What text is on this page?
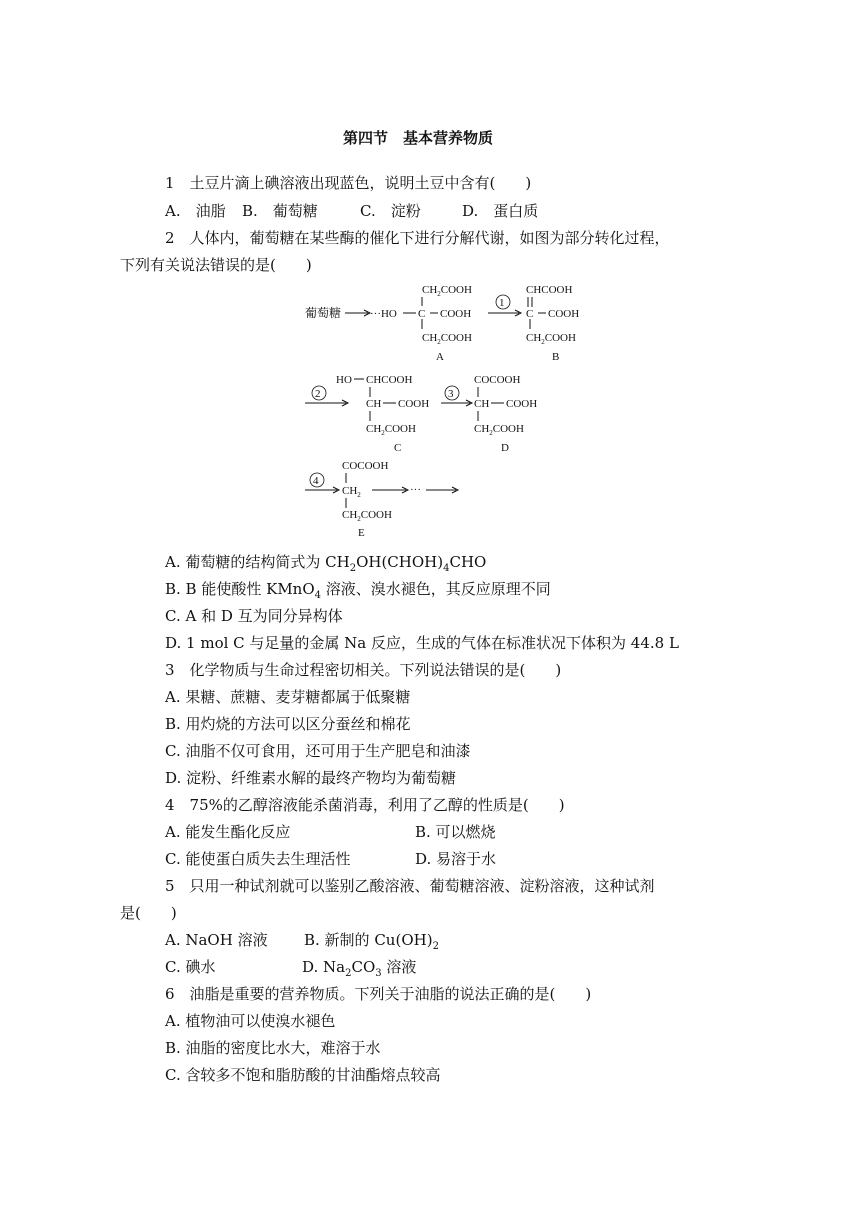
第四节　基本营养物质
1　土豆片滴上碘溶液出现蓝色，说明土豆中含有(　　)
A.　油脂 B.　葡萄糖	C.　淀粉	D.　蛋白质
2　人体内，葡萄糖在某些酶的催化下进行分解代谢，如图为部分转化过程，
下列有关说法错误的是(　　)
葡萄糖	···HO C COOH
$CH_2COOH$
$CH_2COOH$
A
1
CHCOOH
C COOH
$CH_2COOH$
B
2
HO CHCOOH
CH COOH
$CH_2COOH$
C
3
COCOOH
CH COOH
$CH_2COOH$
D
4
COCOOH
$CH_2$
$CH_2COOH$
E
···
A. 葡萄糖的结构简式为 $CH_2OH(CHOH)_4CHO$
B. B 能使酸性 KMnO$_4$ 溶液、溴水褪色，其反应原理不同
C. A 和 D 互为同分异构体
D. 1 mol C 与足量的金属 Na 反应，生成的气体在标准状况下体积为 44.8 L
3　化学物质与生命过程密切相关。下列说法错误的是(　　)
A. 果糖、蔗糖、麦芽糖都属于低聚糖
B. 用灼烧的方法可以区分蚕丝和棉花
C. 油脂不仅可食用，还可用于生产肥皂和油漆
D. 淀粉、纤维素水解的最终产物均为葡萄糖
4　75%的乙醇溶液能杀菌消毒，利用了乙醇的性质是(　　)
A. 能发生酯化反应	B. 可以燃烧
C. 能使蛋白质失去生理活性	D. 易溶于水
5　只用一种试剂就可以鉴别乙酸溶液、葡萄糖溶液、淀粉溶液，这种试剂
是(　　)
A. NaOH 溶液 B. 新制的 $Cu(OH)_2$
C. 碘水	D. $Na_2CO_3$ 溶液
6　油脂是重要的营养物质。下列关于油脂的说法正确的是(　　)
A. 植物油可以使溴水褪色
B. 油脂的密度比水大，难溶于水
C. 含较多不饱和脂肪酸的甘油酯熔点较高
